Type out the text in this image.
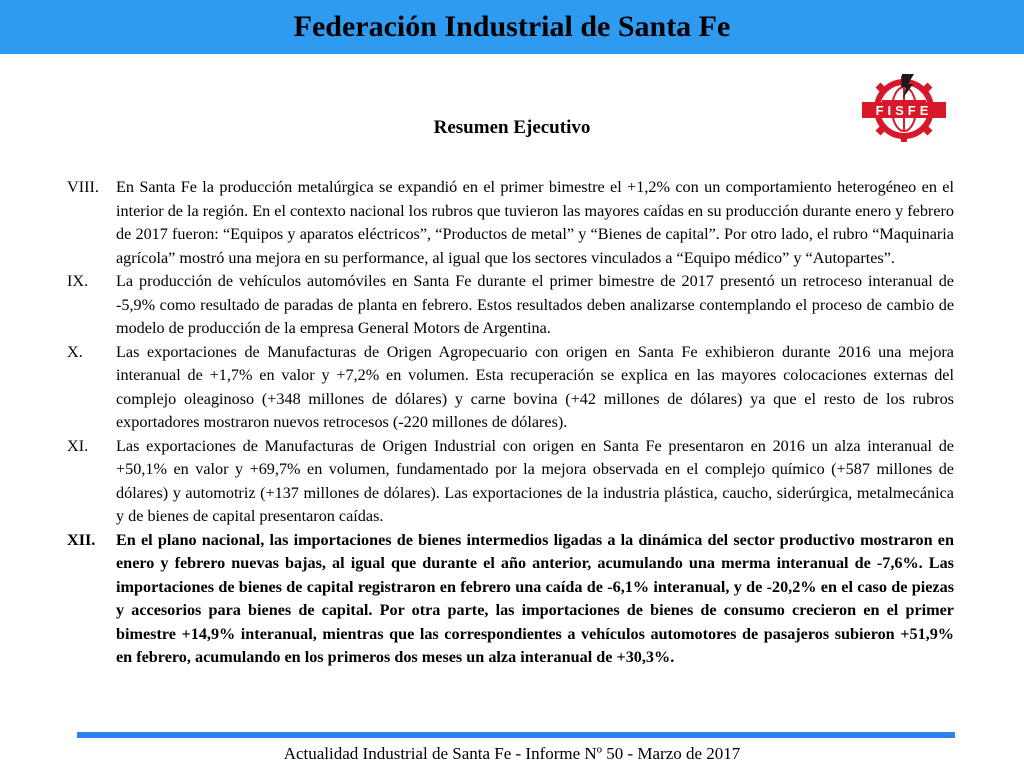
Federación Industrial de Santa Fe
FISFE
Resumen Ejecutivo
VIII. En Santa Fe la producción metalúrgica se expandió en el primer bimestre el +1,2% con un comportamiento heterogéneo en el interior de la región. En el contexto nacional los rubros que tuvieron las mayores caídas en su producción durante enero y febrero de 2017 fueron: “Equipos y aparatos eléctricos”, “Productos de metal” y “Bienes de capital”. Por otro lado, el rubro “Maquinaria agrícola” mostró una mejora en su performance, al igual que los sectores vinculados a “Equipo médico” y “Autopartes”.
IX. La producción de vehículos automóviles en Santa Fe durante el primer bimestre de 2017 presentó un retroceso interanual de -5,9% como resultado de paradas de planta en febrero. Estos resultados deben analizarse contemplando el proceso de cambio de modelo de producción de la empresa General Motors de Argentina.
X. Las exportaciones de Manufacturas de Origen Agropecuario con origen en Santa Fe exhibieron durante 2016 una mejora interanual de +1,7% en valor y +7,2% en volumen. Esta recuperación se explica en las mayores colocaciones externas del complejo oleaginoso (+348 millones de dólares) y carne bovina (+42 millones de dólares) ya que el resto de los rubros exportadores mostraron nuevos retrocesos (-220 millones de dólares).
XI. Las exportaciones de Manufacturas de Origen Industrial con origen en Santa Fe presentaron en 2016 un alza interanual de +50,1% en valor y +69,7% en volumen, fundamentado por la mejora observada en el complejo químico (+587 millones de dólares) y automotriz (+137 millones de dólares). Las exportaciones de la industria plástica, caucho, siderúrgica, metalmecánica y de bienes de capital presentaron caídas.
XII. En el plano nacional, las importaciones de bienes intermedios ligadas a la dinámica del sector productivo mostraron en enero y febrero nuevas bajas, al igual que durante el año anterior, acumulando una merma interanual de -7,6%. Las importaciones de bienes de capital registraron en febrero una caída de -6,1% interanual, y de -20,2% en el caso de piezas y accesorios para bienes de capital. Por otra parte, las importaciones de bienes de consumo crecieron en el primer bimestre +14,9% interanual, mientras que las correspondientes a vehículos automotores de pasajeros subieron +51,9% en febrero, acumulando en los primeros dos meses un alza interanual de +30,3%.
Actualidad Industrial de Santa Fe - Informe Nº 50 - Marzo de 2017
